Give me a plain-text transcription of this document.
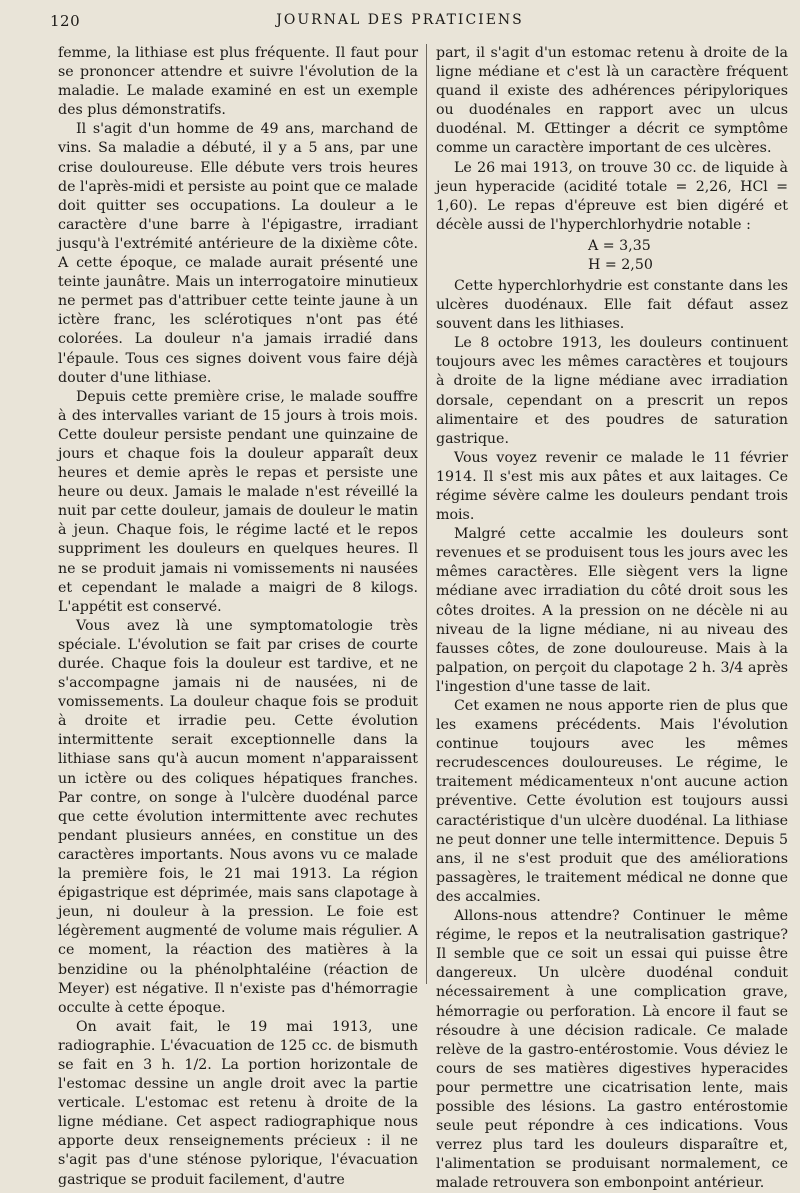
120	JOURNAL DES PRATICIENS

femme, la lithiase est plus fréquente. Il faut pour se prononcer attendre et suivre l'évolution de la maladie. Le malade examiné en est un exemple des plus démonstratifs.

Il s'agit d'un homme de 49 ans, marchand de vins. Sa maladie a débuté, il y a 5 ans, par une crise douloureuse. Elle débute vers trois heures de l'après-midi et persiste au point que ce malade doit quitter ses occupations. La douleur a le caractère d'une barre à l'épigastre, irradiant jusqu'à l'extrémité antérieure de la dixième côte. A cette époque, ce malade aurait présenté une teinte jaunâtre. Mais un interrogatoire minutieux ne permet pas d'attribuer cette teinte jaune à un ictère franc, les sclérotiques n'ont pas été colorées. La douleur n'a jamais irradié dans l'épaule. Tous ces signes doivent vous faire déjà douter d'une lithiase.

Depuis cette première crise, le malade souffre à des intervalles variant de 15 jours à trois mois. Cette douleur persiste pendant une quinzaine de jours et chaque fois la douleur apparaît deux heures et demie après le repas et persiste une heure ou deux. Jamais le malade n'est réveillé la nuit par cette douleur, jamais de douleur le matin à jeun. Chaque fois, le régime lacté et le repos suppriment les douleurs en quelques heures. Il ne se produit jamais ni vomissements ni nausées et cependant le malade a maigri de 8 kilogs. L'appétit est conservé.

Vous avez là une symptomatologie très spéciale. L'évolution se fait par crises de courte durée. Chaque fois la douleur est tardive, et ne s'accompagne jamais ni de nausées, ni de vomissements. La douleur chaque fois se produit à droite et irradie peu. Cette évolution intermittente serait exceptionnelle dans la lithiase sans qu'à aucun moment n'apparaissent un ictère ou des coliques hépatiques franches. Par contre, on songe à l'ulcère duodénal parce que cette évolution intermittente avec rechutes pendant plusieurs années, en constitue un des caractères importants. Nous avons vu ce malade la première fois, le 21 mai 1913. La région épigastrique est déprimée, mais sans clapotage à jeun, ni douleur à la pression. Le foie est légèrement augmenté de volume mais régulier. A ce moment, la réaction des matières à la benzidine ou la phénolphtaléine (réaction de Meyer) est négative. Il n'existe pas d'hémorragie occulte à cette époque.

On avait fait, le 19 mai 1913, une radiographie. L'évacuation de 125 cc. de bismuth se fait en 3 h. 1/2. La portion horizontale de l'estomac dessine un angle droit avec la partie verticale. L'estomac est retenu à droite de la ligne médiane. Cet aspect radiographique nous apporte deux renseignements précieux : il ne s'agit pas d'une sténose pylorique, l'évacuation gastrique se produit facilement, d'autre

part, il s'agit d'un estomac retenu à droite de la ligne médiane et c'est là un caractère fréquent quand il existe des adhérences péripyloriques ou duodénales en rapport avec un ulcus duodénal. M. Œttinger a décrit ce symptôme comme un caractère important de ces ulcères.

Le 26 mai 1913, on trouve 30 cc. de liquide à jeun hyperacide (acidité totale = 2,26, HCl = 1,60). Le repas d'épreuve est bien digéré et décèle aussi de l'hyperchlorhydrie notable :

A = 3,35
H = 2,50

Cette hyperchlorhydrie est constante dans les ulcères duodénaux. Elle fait défaut assez souvent dans les lithiases.

Le 8 octobre 1913, les douleurs continuent toujours avec les mêmes caractères et toujours à droite de la ligne médiane avec irradiation dorsale, cependant on a prescrit un repos alimentaire et des poudres de saturation gastrique.

Vous voyez revenir ce malade le 11 février 1914. Il s'est mis aux pâtes et aux laitages. Ce régime sévère calme les douleurs pendant trois mois.

Malgré cette accalmie les douleurs sont revenues et se produisent tous les jours avec les mêmes caractères. Elle siègent vers la ligne médiane avec irradiation du côté droit sous les côtes droites. A la pression on ne décèle ni au niveau de la ligne médiane, ni au niveau des fausses côtes, de zone douloureuse. Mais à la palpation, on perçoit du clapotage 2 h. 3/4 après l'ingestion d'une tasse de lait.

Cet examen ne nous apporte rien de plus que les examens précédents. Mais l'évolution continue toujours avec les mêmes recrudescences douloureuses. Le régime, le traitement médicamenteux n'ont aucune action préventive. Cette évolution est toujours aussi caractéristique d'un ulcère duodénal. La lithiase ne peut donner une telle intermittence. Depuis 5 ans, il ne s'est produit que des améliorations passagères, le traitement médical ne donne que des accalmies.

Allons-nous attendre? Continuer le même régime, le repos et la neutralisation gastrique? Il semble que ce soit un essai qui puisse être dangereux. Un ulcère duodénal conduit nécessairement à une complication grave, hémorragie ou perforation. Là encore il faut se résoudre à une décision radicale. Ce malade relève de la gastro-entérostomie. Vous déviez le cours de ses matières digestives hyperacides pour permettre une cicatrisation lente, mais possible des lésions. La gastro entérostomie seule peut répondre à ces indications. Vous verrez plus tard les douleurs disparaître et, l'alimentation se produisant normalement, ce malade retrouvera son embonpoint antérieur.
